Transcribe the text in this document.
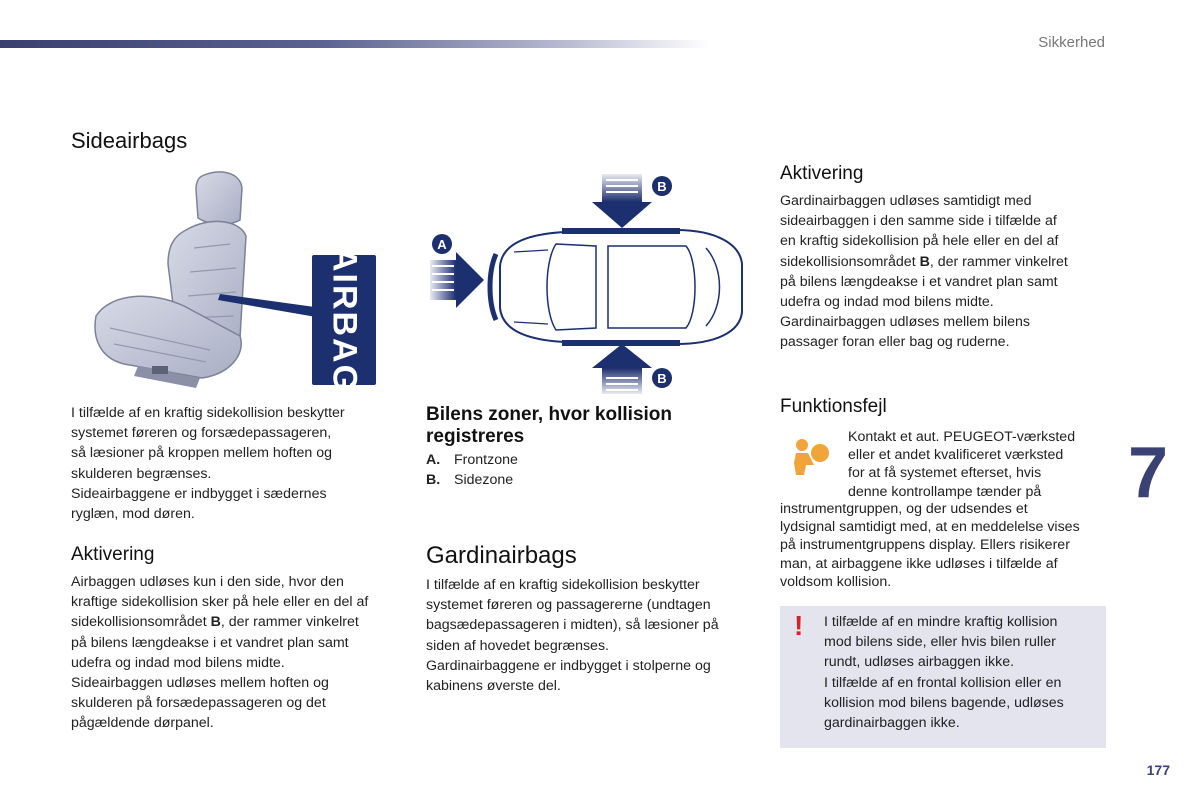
Sikkerhed
Sideairbags
AIRBAG
A
B
B

I tilfælde af en kraftig sidekollision beskytter

systemet føreren og forsædepassageren,

så læsioner på kroppen mellem hoften og

skulderen begrænses.

Sideairbaggene er indbygget i sædernes

ryglæn, mod døren.

Aktivering

Airbaggen udløses kun i den side, hvor den

kraftige sidekollision sker på hele eller en del af

sidekollisionsområdet B, der rammer vinkelret

på bilens længdeakse i et vandret plan samt

udefra og indad mod bilens midte.

Sideairbaggen udløses mellem hoften og

skulderen på forsædepassageren og det

pågældende dørpanel.

Bilens zoner, hvor kollision registreres
A. Frontzone
B. Sidezone
Gardinairbags

I tilfælde af en kraftig sidekollision beskytter

systemet føreren og passagererne (undtagen

bagsædepassageren i midten), så læsioner på

siden af hovedet begrænses.

Gardinairbaggene er indbygget i stolperne og

kabinens øverste del.

Aktivering

Gardinairbaggen udløses samtidigt med

sideairbaggen i den samme side i tilfælde af

en kraftig sidekollision på hele eller en del af

sidekollisionsområdet B, der rammer vinkelret

på bilens længdeakse i et vandret plan samt

udefra og indad mod bilens midte.

Gardinairbaggen udløses mellem bilens

passager foran eller bag og ruderne.

Funktionsfejl

Kontakt et aut. PEUGEOT-værksted

eller et andet kvalificeret værksted

for at få systemet efterset, hvis

denne kontrollampe tænder på

instrumentgruppen, og der udsendes et

lydsignal samtidigt med, at en meddelelse vises

på instrumentgruppens display. Ellers risikerer

man, at airbaggene ikke udløses i tilfælde af

voldsom kollision.

! I tilfælde af en mindre kraftig kollision

mod bilens side, eller hvis bilen ruller

rundt, udløses airbaggen ikke.

I tilfælde af en frontal kollision eller en

kollision mod bilens bagende, udløses

gardinairbaggen ikke.

7
177
